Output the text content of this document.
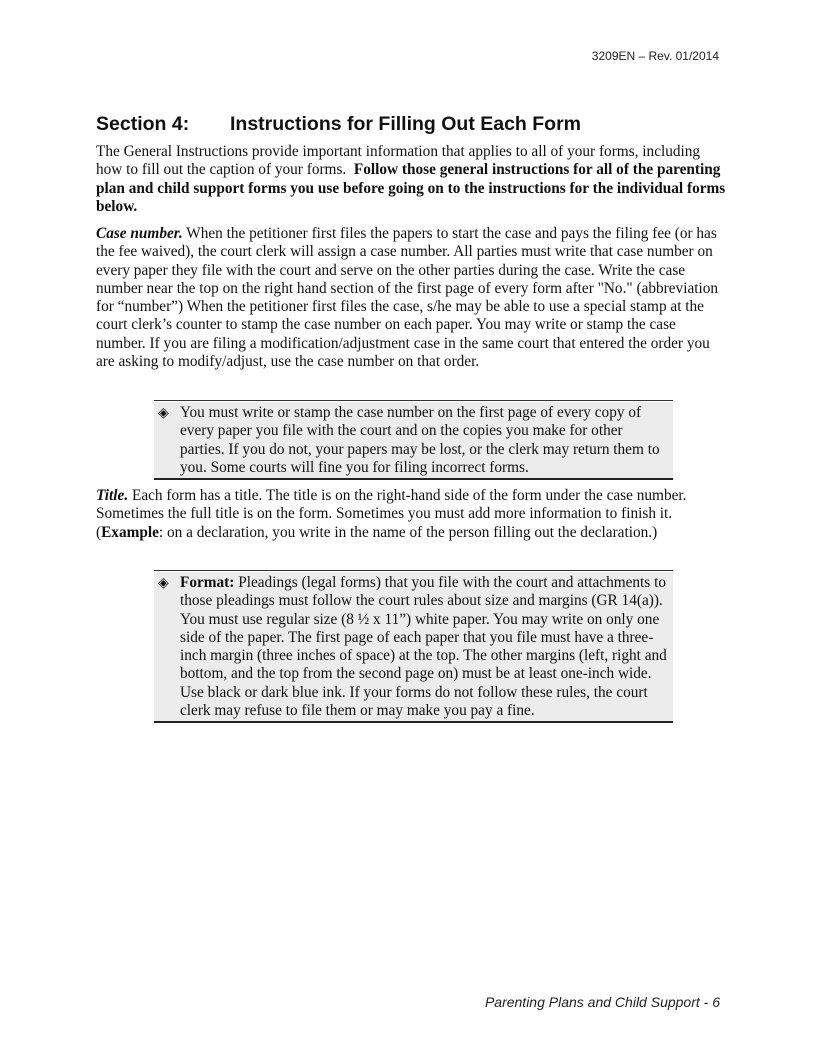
3209EN – Rev. 01/2014
Section 4: Instructions for Filling Out Each Form
The General Instructions provide important information that applies to all of your forms, including how to fill out the caption of your forms. Follow those general instructions for all of the parenting plan and child support forms you use before going on to the instructions for the individual forms below.
Case number. When the petitioner first files the papers to start the case and pays the filing fee (or has the fee waived), the court clerk will assign a case number. All parties must write that case number on every paper they file with the court and serve on the other parties during the case. Write the case number near the top on the right hand section of the first page of every form after "No." (abbreviation for “number”) When the petitioner first files the case, s/he may be able to use a special stamp at the court clerk’s counter to stamp the case number on each paper. You may write or stamp the case number. If you are filing a modification/adjustment case in the same court that entered the order you are asking to modify/adjust, use the case number on that order.
◈ You must write or stamp the case number on the first page of every copy of every paper you file with the court and on the copies you make for other parties. If you do not, your papers may be lost, or the clerk may return them to you. Some courts will fine you for filing incorrect forms.
Title. Each form has a title. The title is on the right-hand side of the form under the case number. Sometimes the full title is on the form. Sometimes you must add more information to finish it. (Example: on a declaration, you write in the name of the person filling out the declaration.)
◈ Format: Pleadings (legal forms) that you file with the court and attachments to those pleadings must follow the court rules about size and margins (GR 14(a)). You must use regular size (8 ½ x 11”) white paper. You may write on only one side of the paper. The first page of each paper that you file must have a three-inch margin (three inches of space) at the top. The other margins (left, right and bottom, and the top from the second page on) must be at least one-inch wide. Use black or dark blue ink. If your forms do not follow these rules, the court clerk may refuse to file them or may make you pay a fine.
Parenting Plans and Child Support - 6
